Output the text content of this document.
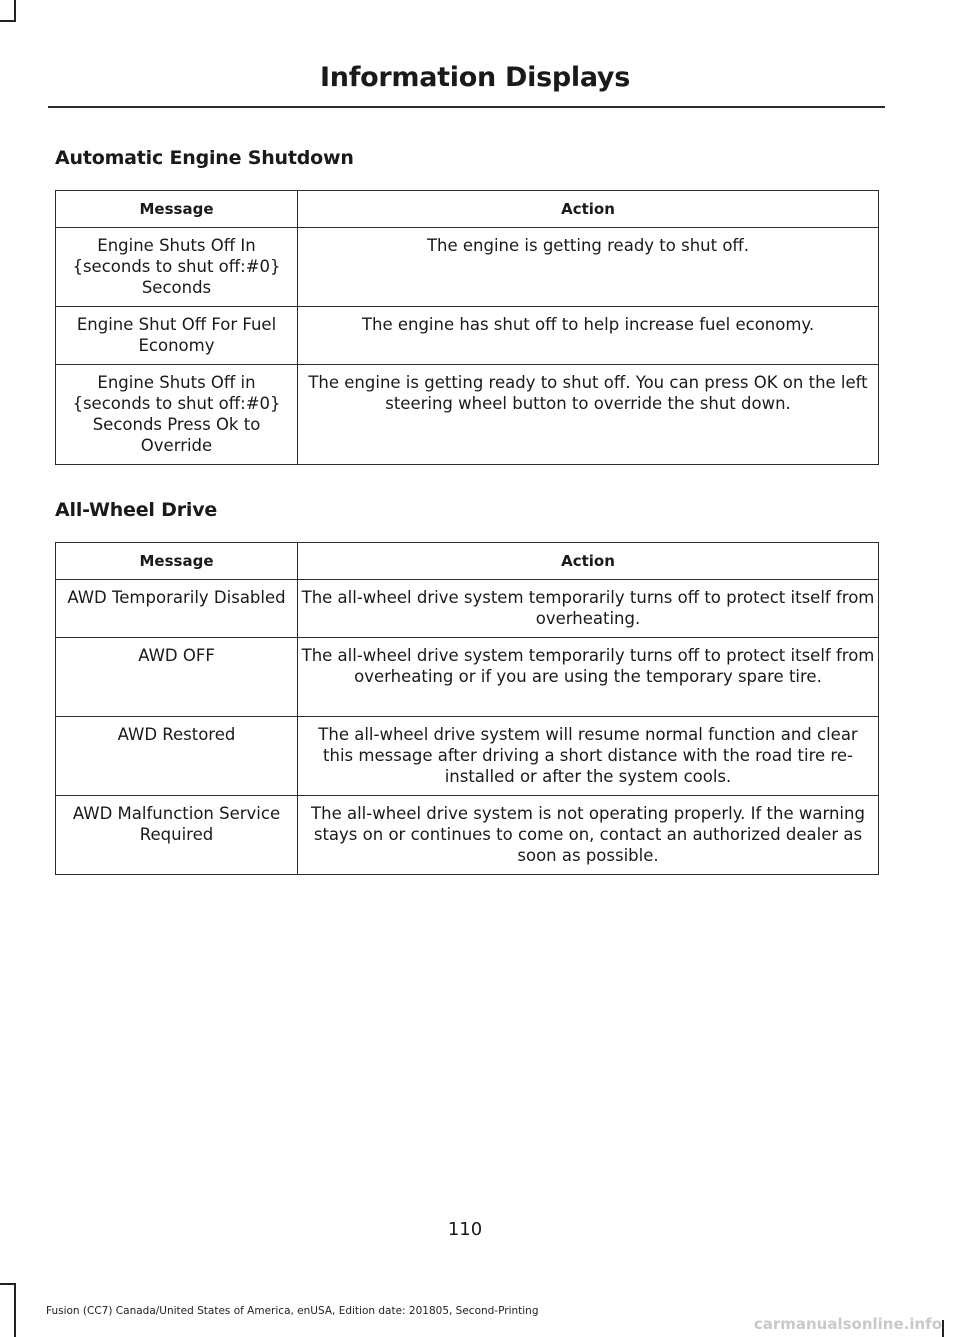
Information Displays
Automatic Engine Shutdown
Message	Action
Engine Shuts Off In {seconds to shut off:#0} Seconds	The engine is getting ready to shut off.
Engine Shut Off For Fuel Economy	The engine has shut off to help increase fuel economy.
Engine Shuts Off in {seconds to shut off:#0} Seconds Press Ok to Override	The engine is getting ready to shut off. You can press OK on the left steering wheel button to override the shut down.
All-Wheel Drive
Message	Action
AWD Temporarily Disabled	The all-wheel drive system temporarily turns off to protect itself from overheating.
AWD OFF	The all-wheel drive system temporarily turns off to protect itself from overheating or if you are using the temporary spare tire.
AWD Restored	The all-wheel drive system will resume normal function and clear this message after driving a short distance with the road tire re-installed or after the system cools.
AWD Malfunction Service Required	The all-wheel drive system is not operating properly. If the warning stays on or continues to come on, contact an authorized dealer as soon as possible.
110
Fusion (CC7) Canada/United States of America, enUSA, Edition date: 201805, Second-Printing
carmanualsonline.info
